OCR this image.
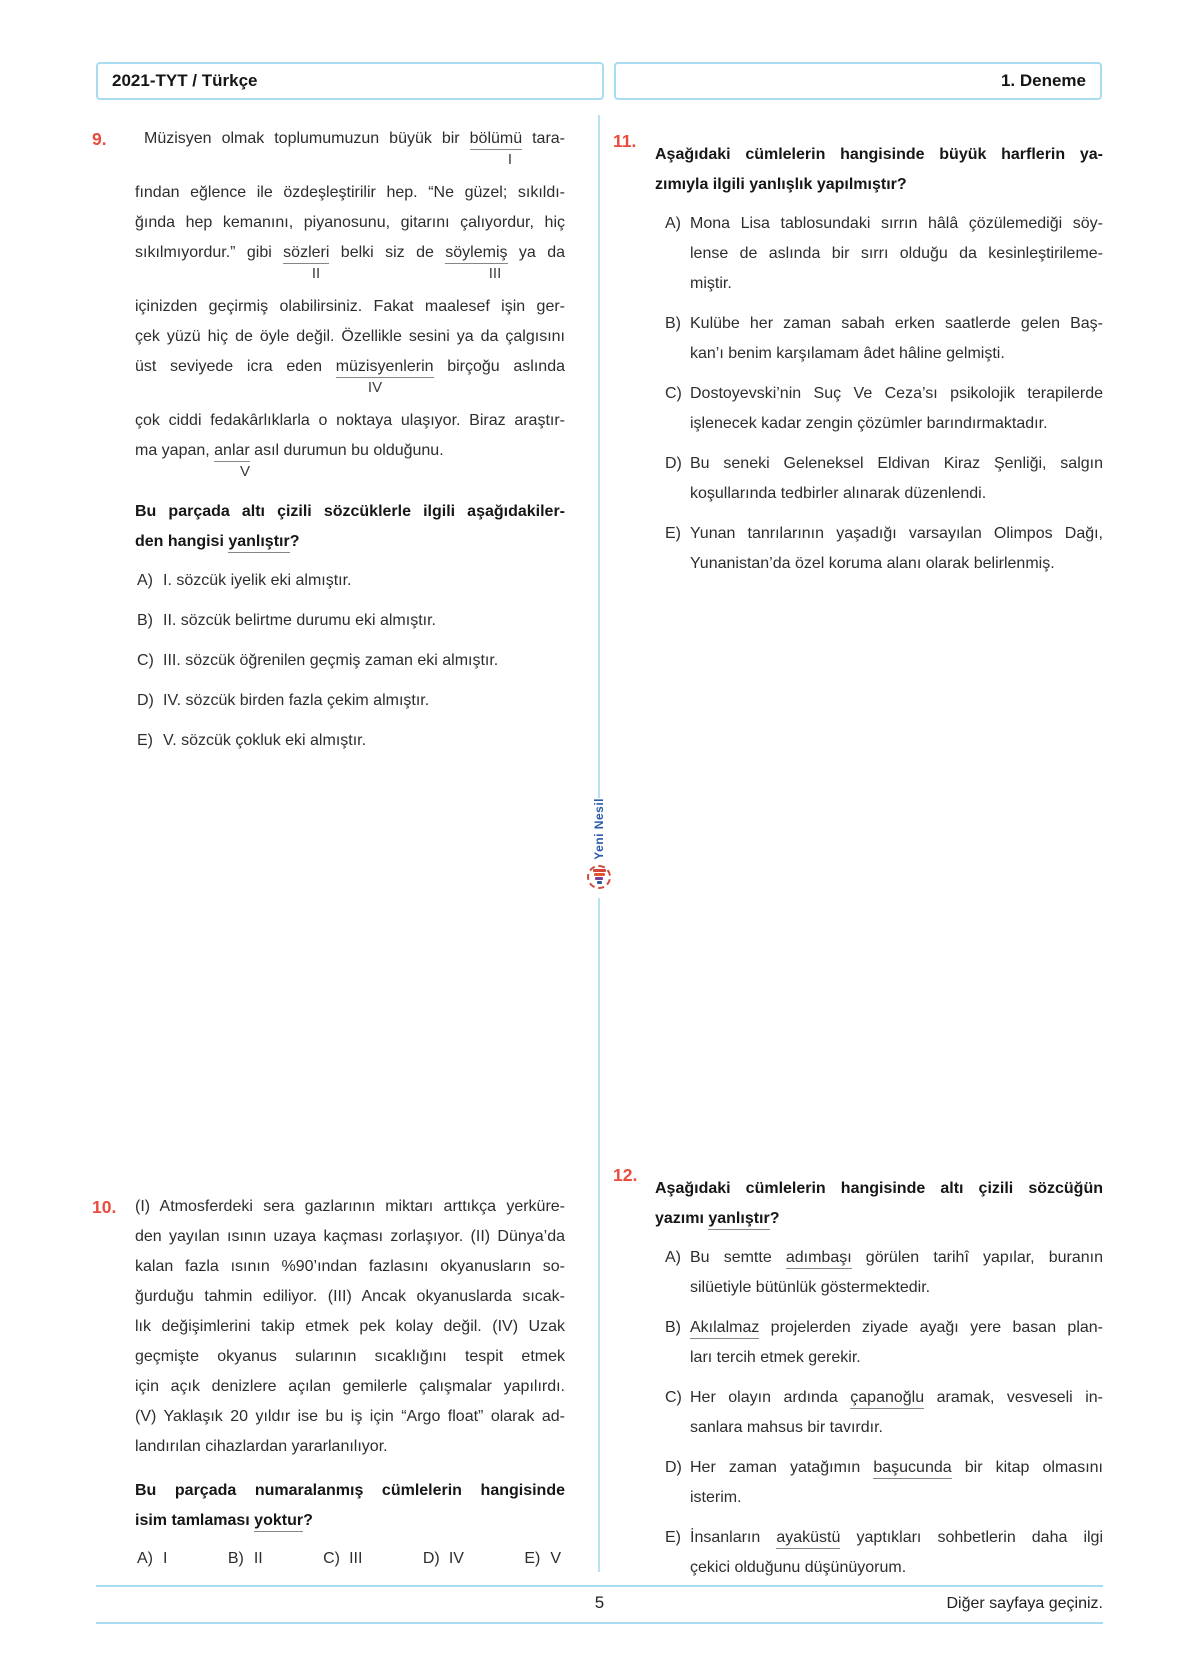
2021-TYT / Türkçe	1. Deneme
Yeni Nesil
9.	Müzisyen olmak toplumumuzun büyük bir bölümü tara-
I
fından eğlence ile özdeşleştirilir hep. “Ne güzel; sıkıldı-
ğında hep kemanını, piyanosunu, gitarını çalıyordur, hiç
sıkılmıyordur.” gibi sözleri belki siz de söylemiş ya da
II	III
içinizden geçirmiş olabilirsiniz. Fakat maalesef işin ger-
çek yüzü hiç de öyle değil. Özellikle sesini ya da çalgısını
üst seviyede icra eden müzisyenlerin birçoğu aslında
IV
çok ciddi fedakârlıklarla o noktaya ulaşıyor. Biraz araştır-
ma yapan, anlar asıl durumun bu olduğunu.
V
Bu parçada altı çizili sözcüklerle ilgili aşağıdakiler-
den hangisi yanlıştır?
A) I. sözcük iyelik eki almıştır.
B) II. sözcük belirtme durumu eki almıştır.
C) III. sözcük öğrenilen geçmiş zaman eki almıştır.
D) IV. sözcük birden fazla çekim almıştır.
E) V. sözcük çokluk eki almıştır.
10.	(I) Atmosferdeki sera gazlarının miktarı arttıkça yerküre-
den yayılan ısının uzaya kaçması zorlaşıyor. (II) Dünya’da
kalan fazla ısının %90’ından fazlasını okyanusların so-
ğurduğu tahmin ediliyor. (III) Ancak okyanuslarda sıcak-
lık değişimlerini takip etmek pek kolay değil. (IV) Uzak
geçmişte okyanus sularının sıcaklığını tespit etmek
için açık denizlere açılan gemilerle çalışmalar yapılırdı.
(V) Yaklaşık 20 yıldır ise bu iş için “Argo float” olarak ad-
landırılan cihazlardan yararlanılıyor.
Bu parçada numaralanmış cümlelerin hangisinde
isim tamlaması yoktur?
A) I	B) II	C) III	D) IV	E) V
11.
Aşağıdaki cümlelerin hangisinde büyük harflerin ya-
zımıyla ilgili yanlışlık yapılmıştır?
A) Mona Lisa tablosundaki sırrın hâlâ çözülemediği söy-
lense de aslında bir sırrı olduğu da kesinleştirileme-
miştir.
B) Kulübe her zaman sabah erken saatlerde gelen Baş-
kan’ı benim karşılamam âdet hâline gelmişti.
C) Dostoyevski’nin Suç Ve Ceza’sı psikolojik terapilerde
işlenecek kadar zengin çözümler barındırmaktadır.
D) Bu seneki Geleneksel Eldivan Kiraz Şenliği, salgın
koşullarında tedbirler alınarak düzenlendi.
E) Yunan tanrılarının yaşadığı varsayılan Olimpos Dağı,
Yunanistan’da özel koruma alanı olarak belirlenmiş.
12.
Aşağıdaki cümlelerin hangisinde altı çizili sözcüğün
yazımı yanlıştır?
A) Bu semtte adımbaşı görülen tarihî yapılar, buranın
silüetiyle bütünlük göstermektedir.
B) Akılalmaz projelerden ziyade ayağı yere basan plan-
ları tercih etmek gerekir.
C) Her olayın ardında çapanoğlu aramak, vesveseli in-
sanlara mahsus bir tavırdır.
D) Her zaman yatağımın başucunda bir kitap olmasını
isterim.
E) İnsanların ayaküstü yaptıkları sohbetlerin daha ilgi
çekici olduğunu düşünüyorum.
5	Diğer sayfaya geçiniz.
